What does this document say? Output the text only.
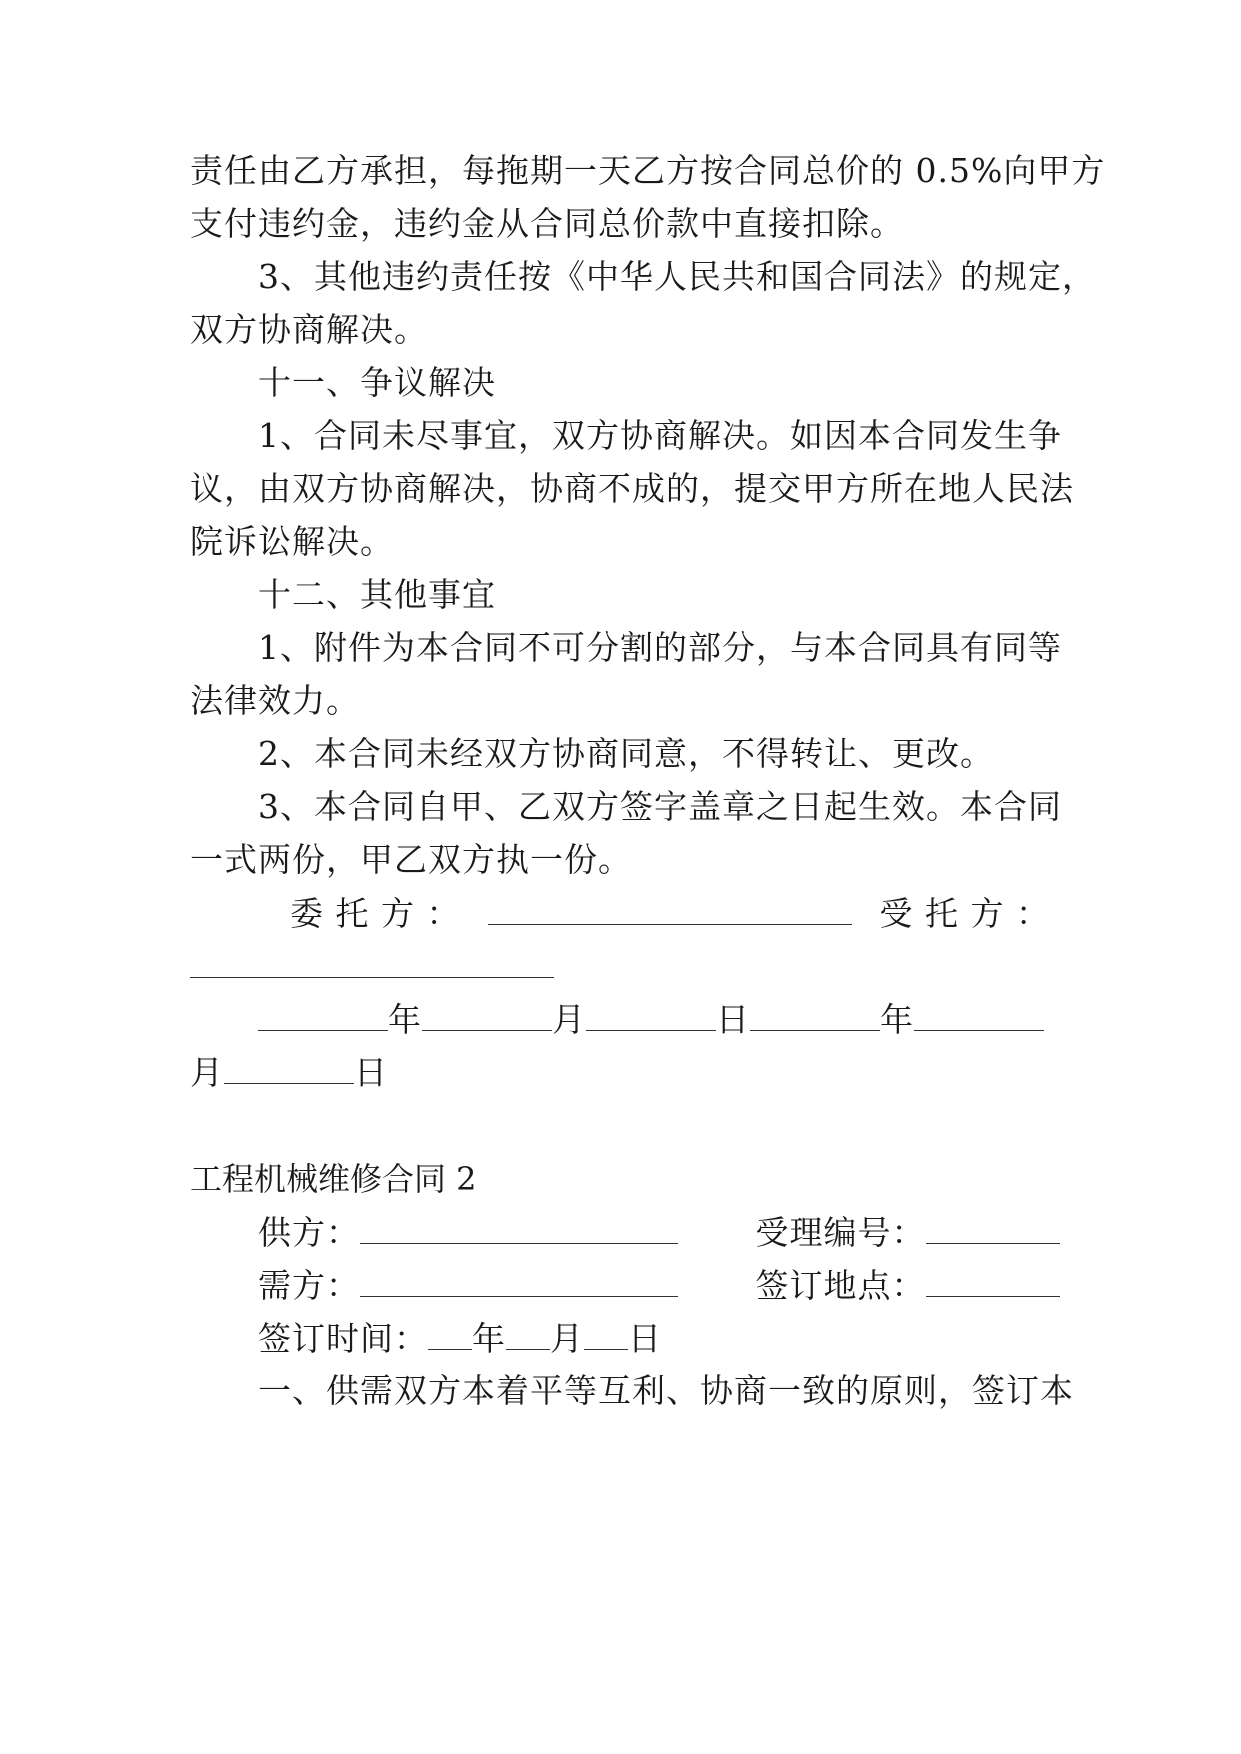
责任由乙方承担，每拖期一天乙方按合同总价的 0.5%向甲方
支付违约金，违约金从合同总价款中直接扣除。
3、其他违约责任按《中华人民共和国合同法》的规定，
双方协商解决。
十一、争议解决
1、合同未尽事宜，双方协商解决。如因本合同发生争
议，由双方协商解决，协商不成的，提交甲方所在地人民法
院诉讼解决。
十二、其他事宜
1、附件为本合同不可分割的部分，与本合同具有同等
法律效力。
2、本合同未经双方协商同意，不得转让、更改。
3、本合同自甲、乙双方签字盖章之日起生效。本合同
一式两份，甲乙双方执一份。
委 托 方 ：	受 托 方 ：
年	月	日	年
月	日
工程机械维修合同 2
供方：	受理编号：
需方：	签订地点：
签订时间： 年 月 日
一、供需双方本着平等互利、协商一致的原则，签订本
